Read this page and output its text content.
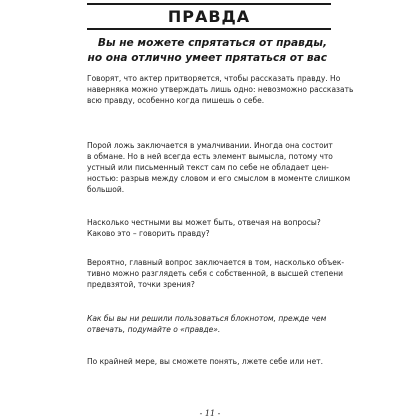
ПРАВДА

Вы не можете спрятаться от правды,
но она отлично умеет прятаться от вас

Говорят, что актер притворяется, чтобы рассказать правду. Но
наверняка можно утверждать лишь одно: невозможно рассказать
всю правду, особенно когда пишешь о себе.

Порой ложь заключается в умалчивании. Иногда она состоит
в обмане. Но в ней всегда есть элемент вымысла, потому что
устный или письменный текст сам по себе не обладает цен-
ностью: разрыв между словом и его смыслом в моменте слишком
большой.

Насколько честными вы может быть, отвечая на вопросы?
Каково это – говорить правду?

Вероятно, главный вопрос заключается в том, насколько объек-
тивно можно разглядеть себя с собственной, в высшей степени
предвзятой, точки зрения?

Как бы вы ни решили пользоваться блокнотом, прежде чем
отвечать, подумайте о «правде».

По крайней мере, вы сможете понять, лжете себе или нет.

- 11 -
